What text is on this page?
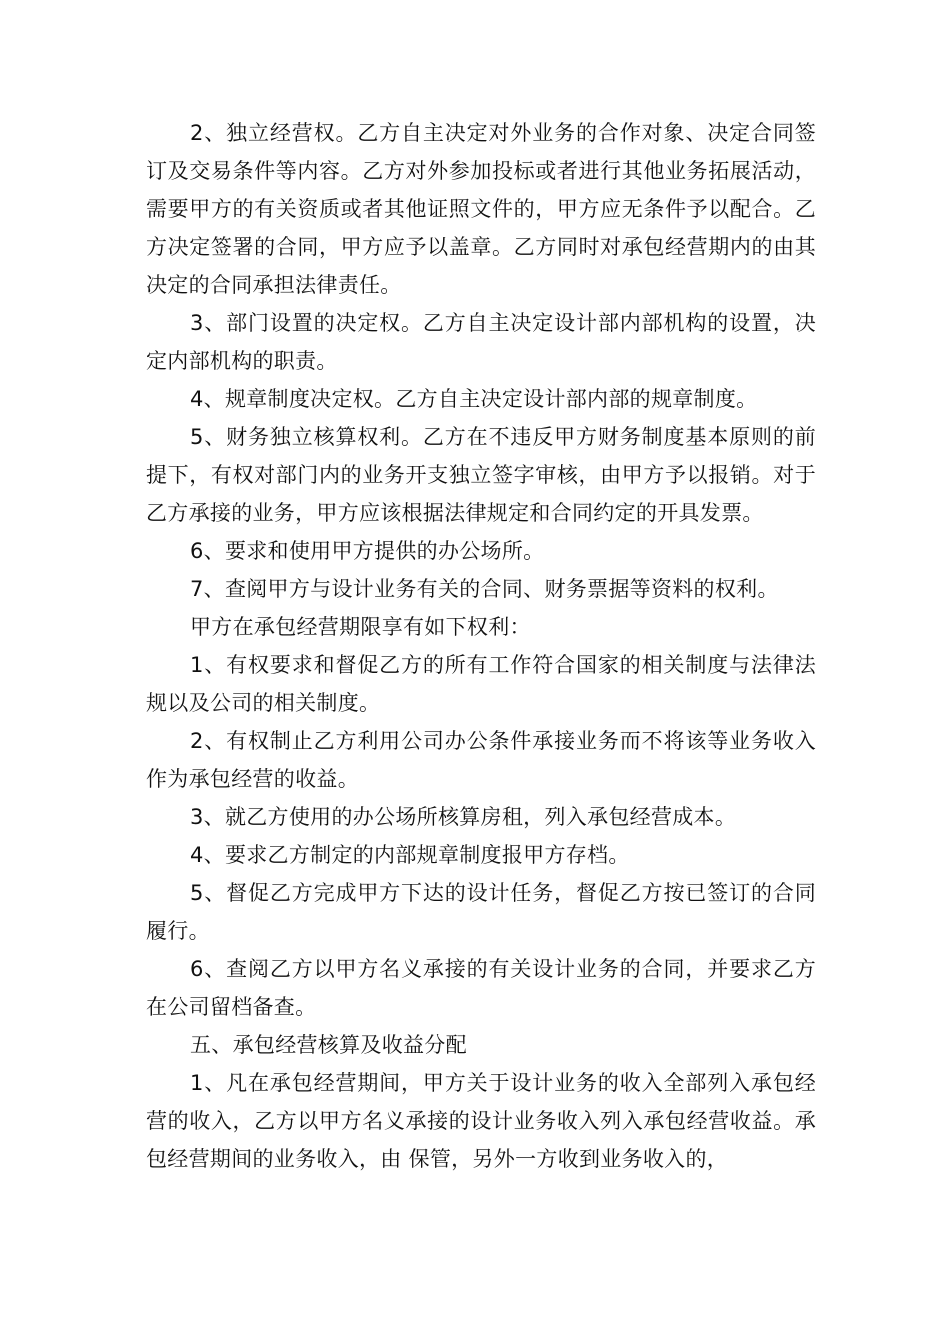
2、独立经营权。乙方自主决定对外业务的合作对象、决定合同签订及交易条件等内容。乙方对外参加投标或者进行其他业务拓展活动，需要甲方的有关资质或者其他证照文件的，甲方应无条件予以配合。乙方决定签署的合同，甲方应予以盖章。乙方同时对承包经营期内的由其决定的合同承担法律责任。

3、部门设置的决定权。乙方自主决定设计部内部机构的设置，决定内部机构的职责。

4、规章制度决定权。乙方自主决定设计部内部的规章制度。

5、财务独立核算权利。乙方在不违反甲方财务制度基本原则的前提下，有权对部门内的业务开支独立签字审核，由甲方予以报销。对于乙方承接的业务，甲方应该根据法律规定和合同约定的开具发票。

6、要求和使用甲方提供的办公场所。

7、查阅甲方与设计业务有关的合同、财务票据等资料的权利。

甲方在承包经营期限享有如下权利：

1、有权要求和督促乙方的所有工作符合国家的相关制度与法律法规以及公司的相关制度。

2、有权制止乙方利用公司办公条件承接业务而不将该等业务收入作为承包经营的收益。

3、就乙方使用的办公场所核算房租，列入承包经营成本。

4、要求乙方制定的内部规章制度报甲方存档。

5、督促乙方完成甲方下达的设计任务，督促乙方按已签订的合同履行。

6、查阅乙方以甲方名义承接的有关设计业务的合同，并要求乙方在公司留档备查。

五、承包经营核算及收益分配

1、凡在承包经营期间，甲方关于设计业务的收入全部列入承包经营的收入，乙方以甲方名义承接的设计业务收入列入承包经营收益。承包经营期间的业务收入，由 保管，另外一方收到业务收入的，
